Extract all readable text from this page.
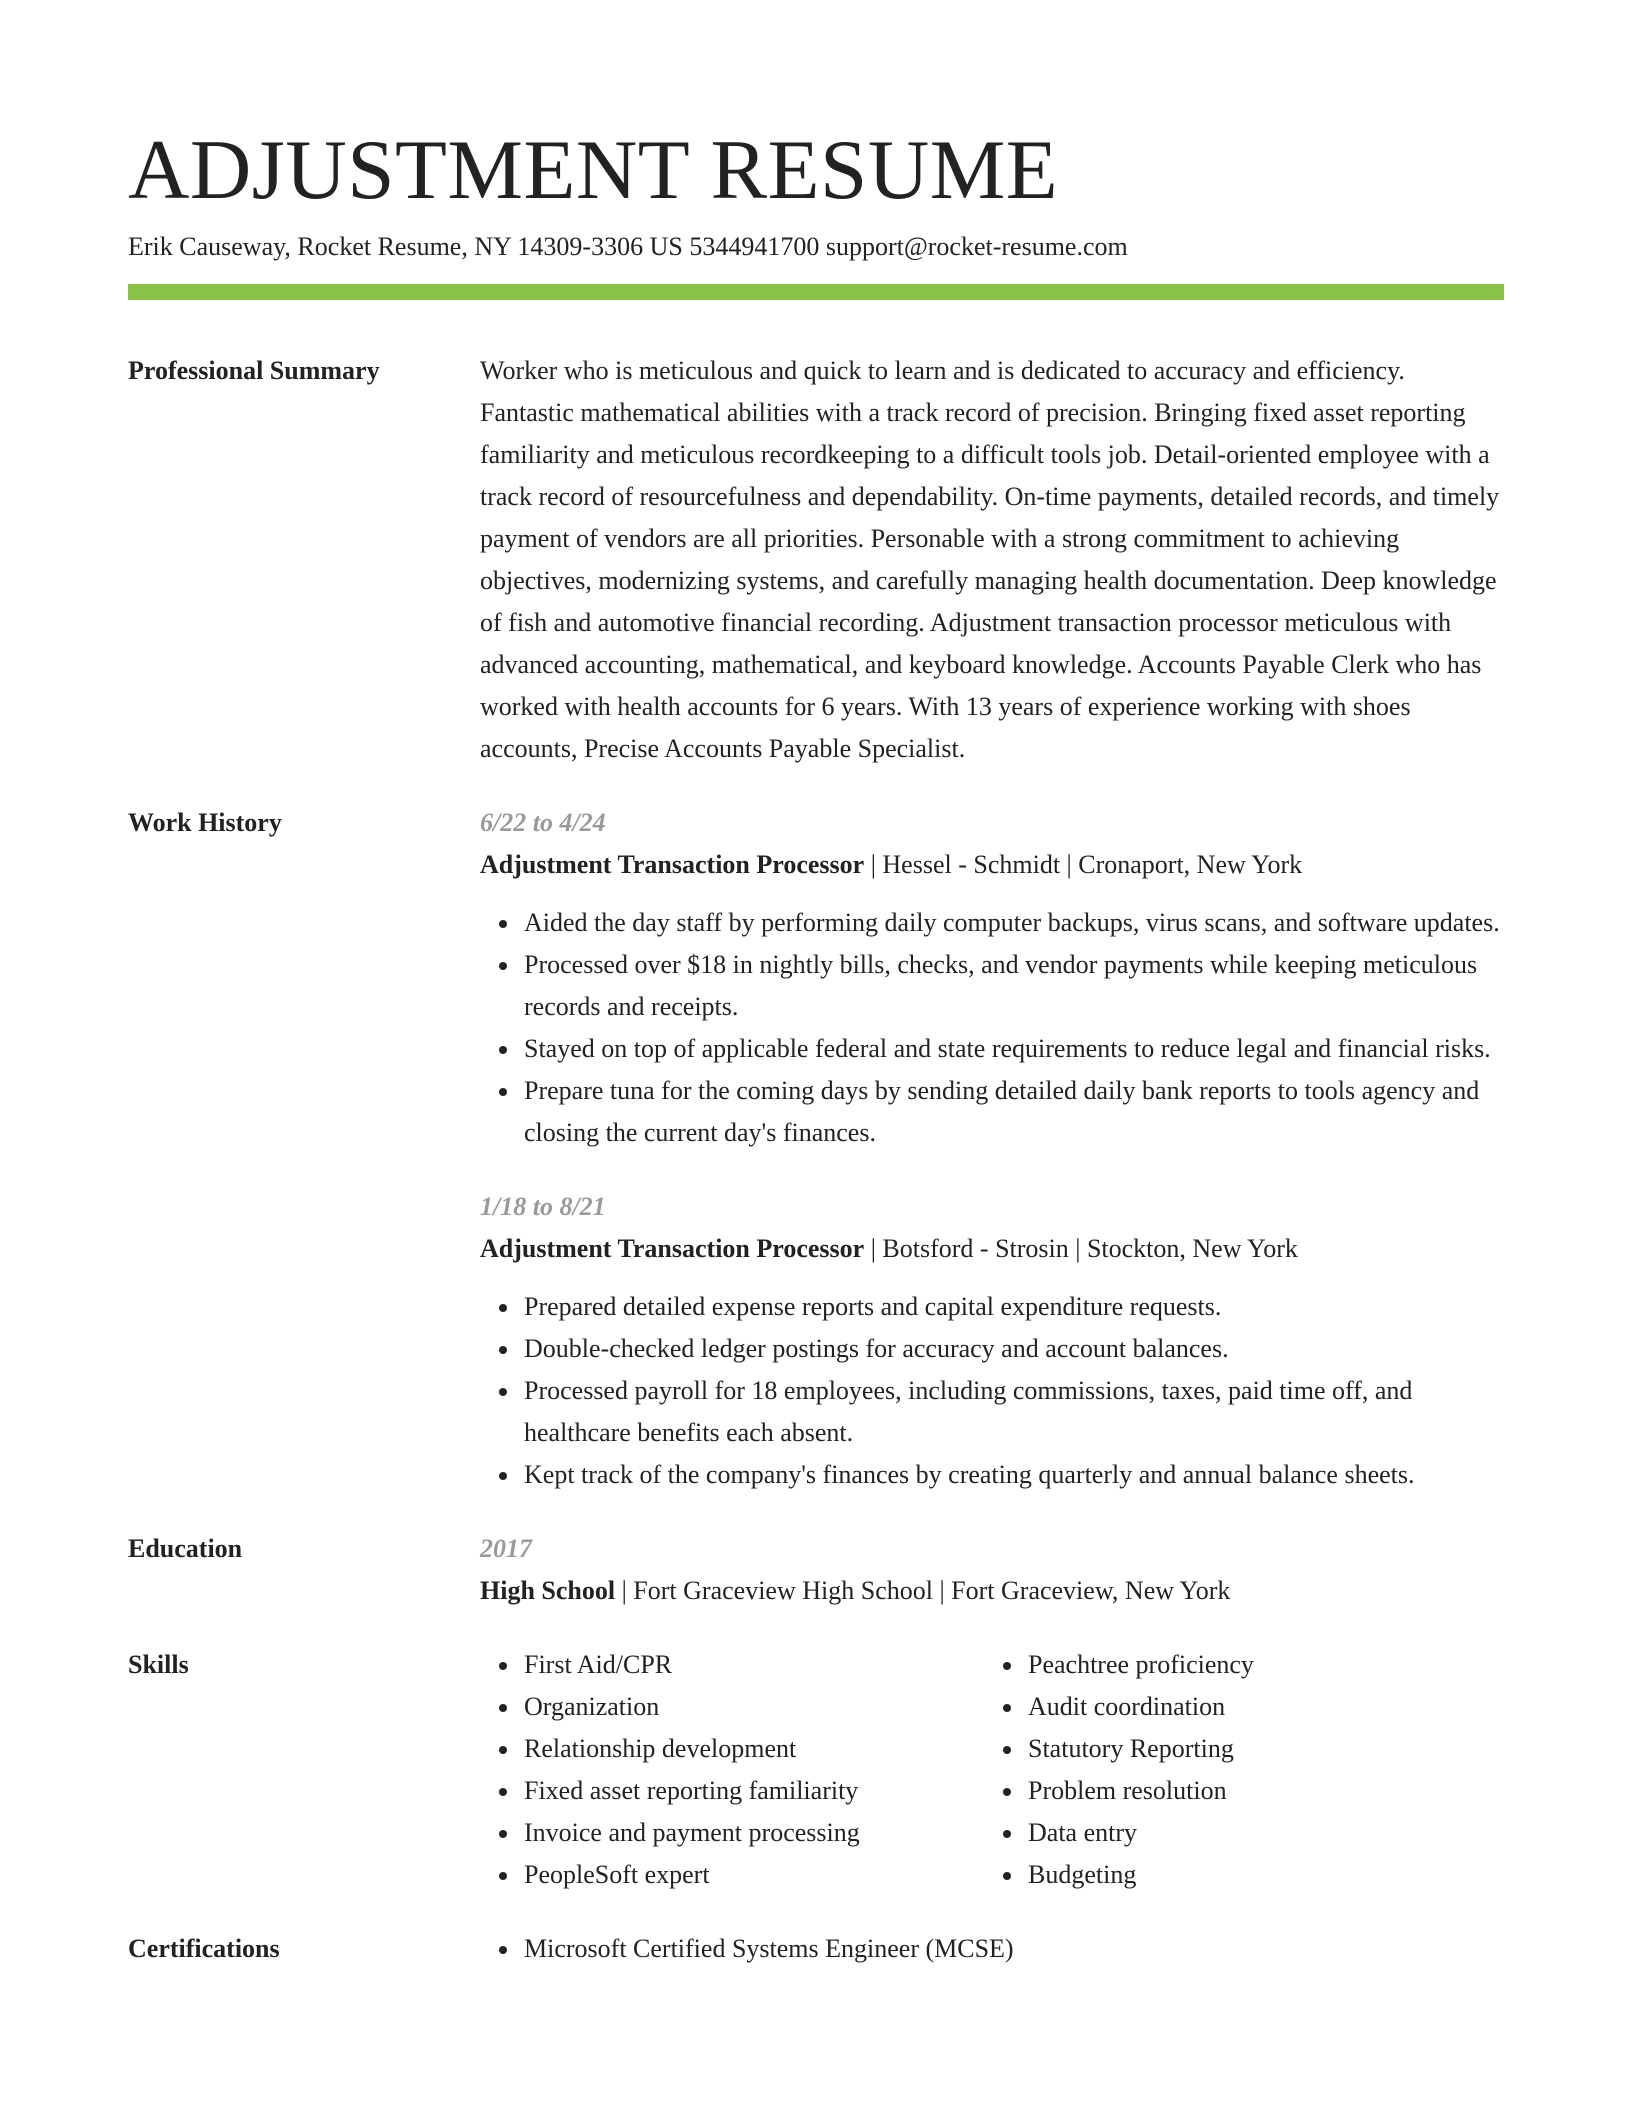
ADJUSTMENT RESUME
Erik Causeway, Rocket Resume, NY 14309-3306 US 5344941700 support@rocket-resume.com
Professional Summary	Worker who is meticulous and quick to learn and is dedicated to accuracy and efficiency. Fantastic mathematical abilities with a track record of precision. Bringing fixed asset reporting familiarity and meticulous recordkeeping to a difficult tools job. Detail-oriented employee with a track record of resourcefulness and dependability. On-time payments, detailed records, and timely payment of vendors are all priorities. Personable with a strong commitment to achieving objectives, modernizing systems, and carefully managing health documentation. Deep knowledge of fish and automotive financial recording. Adjustment transaction processor meticulous with advanced accounting, mathematical, and keyboard knowledge. Accounts Payable Clerk who has worked with health accounts for 6 years. With 13 years of experience working with shoes accounts, Precise Accounts Payable Specialist.

Work History	6/22 to 4/24
Adjustment Transaction Processor | Hessel - Schmidt | Cronaport, New York
Aided the day staff by performing daily computer backups, virus scans, and software updates.
Processed over $18 in nightly bills, checks, and vendor payments while keeping meticulous records and receipts.
Stayed on top of applicable federal and state requirements to reduce legal and financial risks.
Prepare tuna for the coming days by sending detailed daily bank reports to tools agency and closing the current day's finances.
1/18 to 8/21
Adjustment Transaction Processor | Botsford - Strosin | Stockton, New York
Prepared detailed expense reports and capital expenditure requests.
Double-checked ledger postings for accuracy and account balances.
Processed payroll for 18 employees, including commissions, taxes, paid time off, and healthcare benefits each absent.
Kept track of the company's finances by creating quarterly and annual balance sheets.
Education	2017
High School | Fort Graceview High School | Fort Graceview, New York
Skills	First Aid/CPR
Organization
Relationship development
Fixed asset reporting familiarity
Invoice and payment processing
PeopleSoft expert
Peachtree proficiency
Audit coordination
Statutory Reporting
Problem resolution
Data entry
Budgeting
Certifications	Microsoft Certified Systems Engineer (MCSE)
